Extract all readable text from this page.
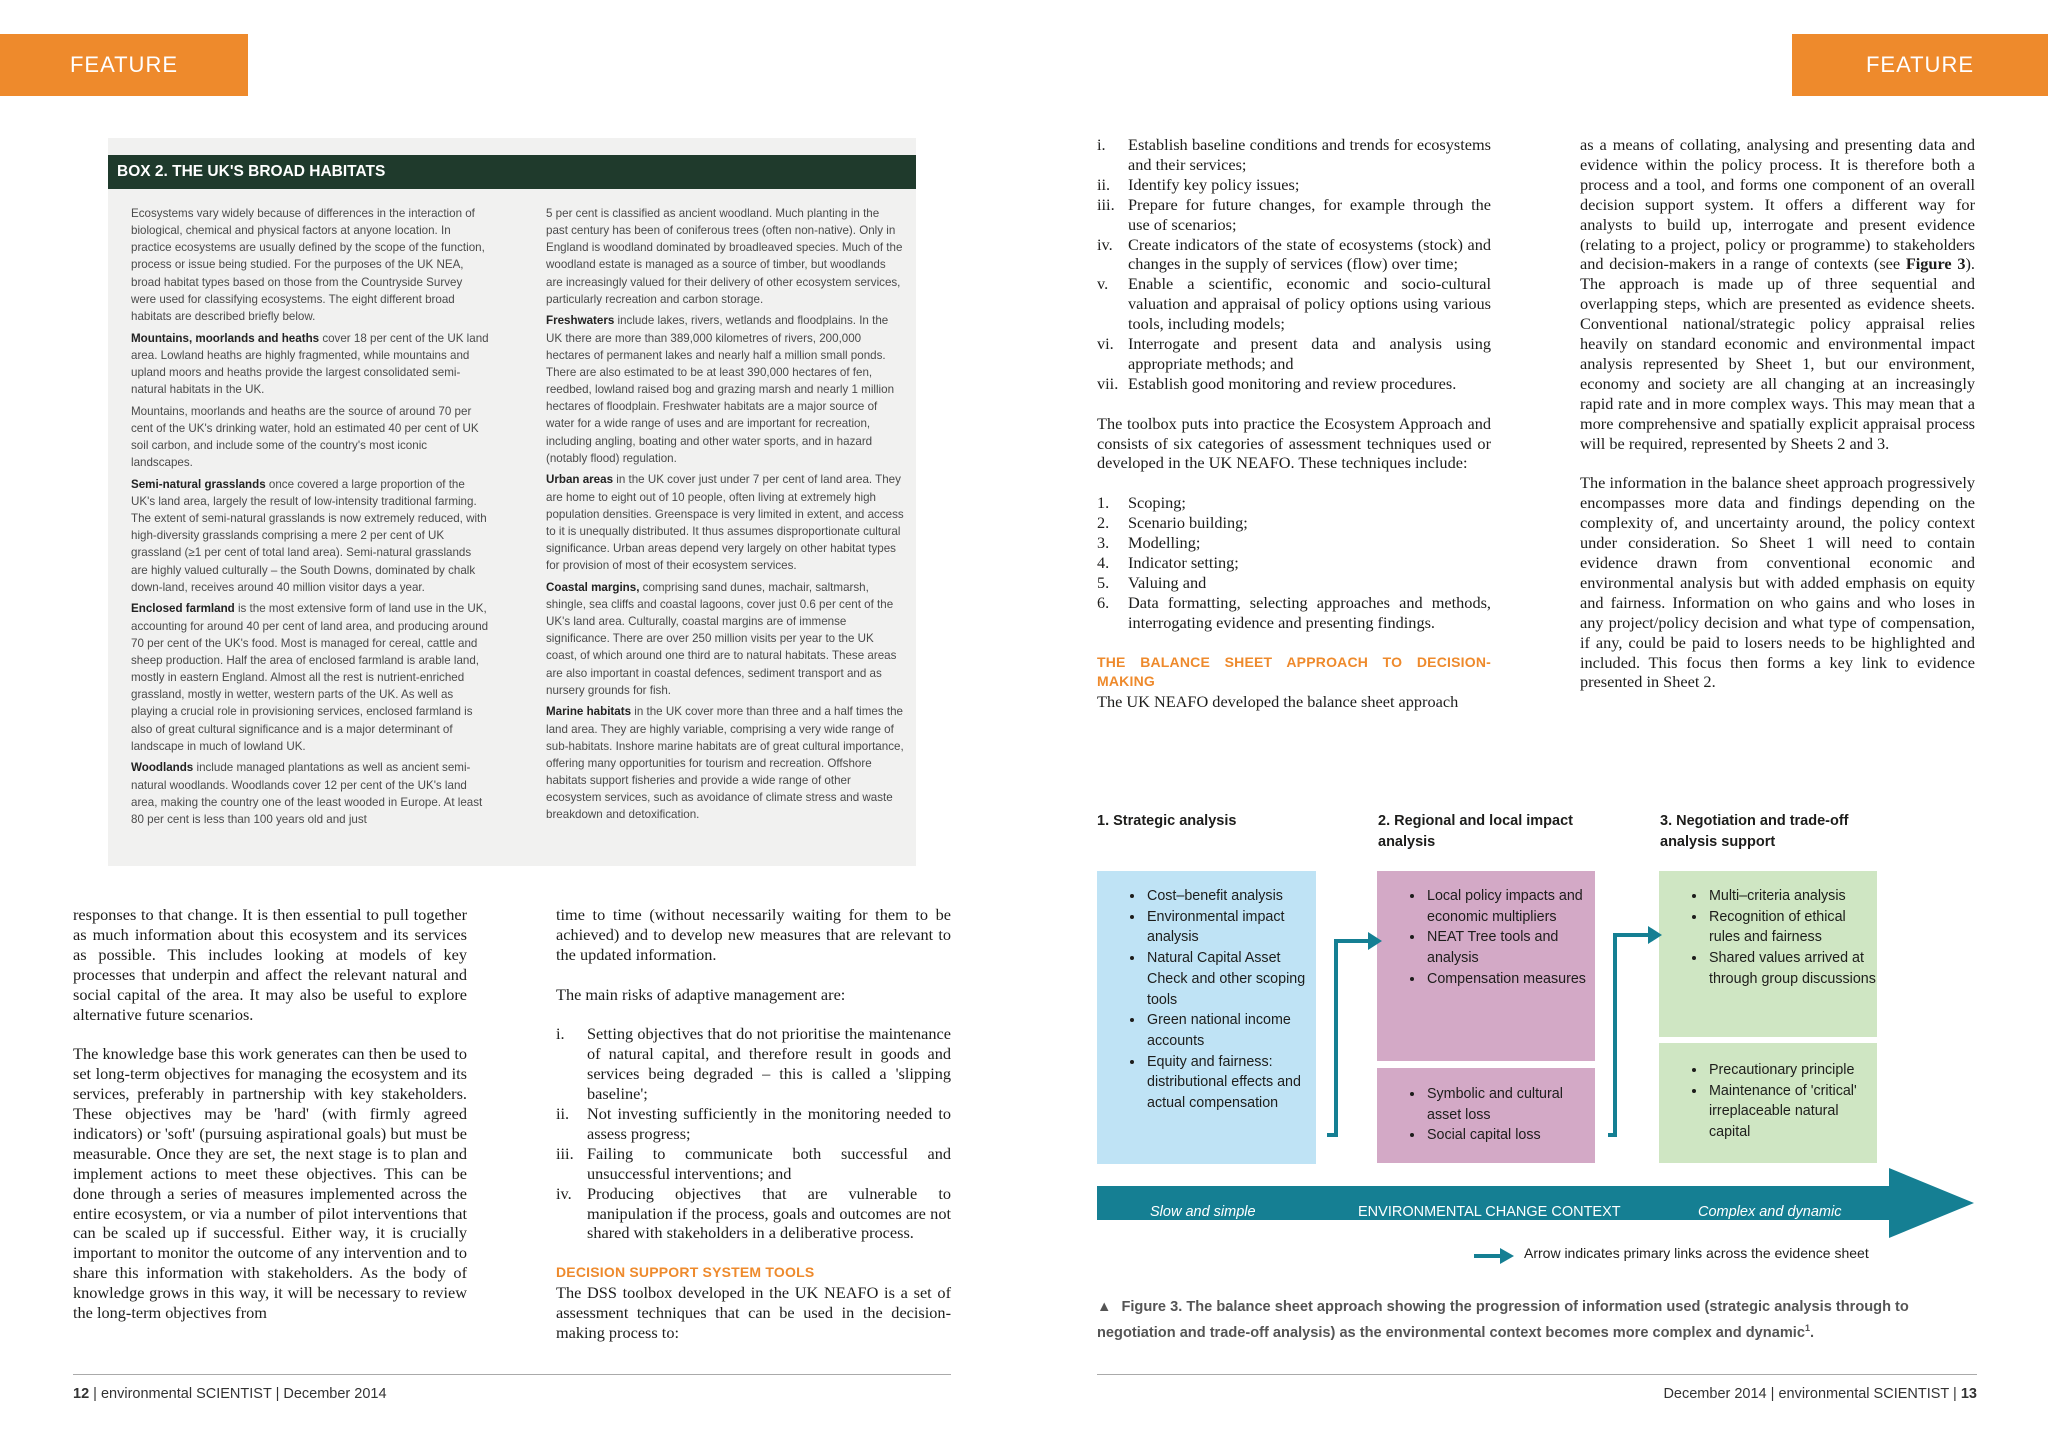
FEATURE	FEATURE
BOX 2. THE UK'S BROAD HABITATS

Ecosystems vary widely because of differences in the interaction of biological, chemical and physical factors at anyone location. In practice ecosystems are usually defined by the scope of the function, process or issue being studied. For the purposes of the UK NEA, broad habitat types based on those from the Countryside Survey were used for classifying ecosystems. The eight different broad habitats are described briefly below.

Mountains, moorlands and heaths cover 18 per cent of the UK land area. Lowland heaths are highly fragmented, while mountains and upland moors and heaths provide the largest consolidated semi-natural habitats in the UK.

Mountains, moorlands and heaths are the source of around 70 per cent of the UK's drinking water, hold an estimated 40 per cent of UK soil carbon, and include some of the country's most iconic landscapes.

Semi-natural grasslands once covered a large proportion of the UK's land area, largely the result of low-intensity traditional farming. The extent of semi-natural grasslands is now extremely reduced, with high-diversity grasslands comprising a mere 2 per cent of UK grassland (≥1 per cent of total land area). Semi-natural grasslands are highly valued culturally – the South Downs, dominated by chalk down-land, receives around 40 million visitor days a year.

Enclosed farmland is the most extensive form of land use in the UK, accounting for around 40 per cent of land area, and producing around 70 per cent of the UK's food. Most is managed for cereal, cattle and sheep production. Half the area of enclosed farmland is arable land, mostly in eastern England. Almost all the rest is nutrient-enriched grassland, mostly in wetter, western parts of the UK. As well as playing a crucial role in provisioning services, enclosed farmland is also of great cultural significance and is a major determinant of landscape in much of lowland UK.

Woodlands include managed plantations as well as ancient semi-natural woodlands. Woodlands cover 12 per cent of the UK's land area, making the country one of the least wooded in Europe. At least 80 per cent is less than 100 years old and just

5 per cent is classified as ancient woodland. Much planting in the past century has been of coniferous trees (often non-native). Only in England is woodland dominated by broadleaved species. Much of the woodland estate is managed as a source of timber, but woodlands are increasingly valued for their delivery of other ecosystem services, particularly recreation and carbon storage.

Freshwaters include lakes, rivers, wetlands and floodplains. In the UK there are more than 389,000 kilometres of rivers, 200,000 hectares of permanent lakes and nearly half a million small ponds. There are also estimated to be at least 390,000 hectares of fen, reedbed, lowland raised bog and grazing marsh and nearly 1 million hectares of floodplain. Freshwater habitats are a major source of water for a wide range of uses and are important for recreation, including angling, boating and other water sports, and in hazard (notably flood) regulation.

Urban areas in the UK cover just under 7 per cent of land area. They are home to eight out of 10 people, often living at extremely high population densities. Greenspace is very limited in extent, and access to it is unequally distributed. It thus assumes disproportionate cultural significance. Urban areas depend very largely on other habitat types for provision of most of their ecosystem services.

Coastal margins, comprising sand dunes, machair, saltmarsh, shingle, sea cliffs and coastal lagoons, cover just 0.6 per cent of the UK's land area. Culturally, coastal margins are of immense significance. There are over 250 million visits per year to the UK coast, of which around one third are to natural habitats. These areas are also important in coastal defences, sediment transport and as nursery grounds for fish.

Marine habitats in the UK cover more than three and a half times the land area. They are highly variable, comprising a very wide range of sub-habitats. Inshore marine habitats are of great cultural importance, offering many opportunities for tourism and recreation. Offshore habitats support fisheries and provide a wide range of other ecosystem services, such as avoidance of climate stress and waste breakdown and detoxification.

responses to that change. It is then essential to pull together as much information about this ecosystem and its services as possible. This includes looking at models of key processes that underpin and affect the relevant natural and social capital of the area. It may also be useful to explore alternative future scenarios.

The knowledge base this work generates can then be used to set long-term objectives for managing the ecosystem and its services, preferably in partnership with key stakeholders. These objectives may be 'hard' (with firmly agreed indicators) or 'soft' (pursuing aspirational goals) but must be measurable. Once they are set, the next stage is to plan and implement actions to meet these objectives. This can be done through a series of measures implemented across the entire ecosystem, or via a number of pilot interventions that can be scaled up if successful. Either way, it is crucially important to monitor the outcome of any intervention and to share this information with stakeholders. As the body of knowledge grows in this way, it will be necessary to review the long-term objectives from

time to time (without necessarily waiting for them to be achieved) and to develop new measures that are relevant to the updated information.

The main risks of adaptive management are:

i.	Setting objectives that do not prioritise the maintenance of natural capital, and therefore result in goods and services being degraded – this is called a 'slipping baseline';
ii.	Not investing sufficiently in the monitoring needed to assess progress;
iii. Failing to communicate both successful and unsuccessful interventions; and
iv. Producing objectives that are vulnerable to manipulation if the process, goals and outcomes are not shared with stakeholders in a deliberative process.
DECISION SUPPORT SYSTEM TOOLS

The DSS toolbox developed in the UK NEAFO is a set of assessment techniques that can be used in the decision-making process to:

i.	Establish baseline conditions and trends for ecosystems and their services;
ii.	Identify key policy issues;
iii. Prepare for future changes, for example through the use of scenarios;
iv. Create indicators of the state of ecosystems (stock) and changes in the supply of services (flow) over time;
v.	Enable a scientific, economic and socio-cultural valuation and appraisal of policy options using various tools, including models;
vi. Interrogate and present data and analysis using appropriate methods; and
vii. Establish good monitoring and review procedures.

The toolbox puts into practice the Ecosystem Approach and consists of six categories of assessment techniques used or developed in the UK NEAFO. These techniques include:

1.	Scoping;
2.	Scenario building;
3.	Modelling;
4.	Indicator setting;
5.	Valuing and
6.	Data formatting, selecting approaches and methods, interrogating evidence and presenting findings.
THE BALANCE SHEET APPROACH TO DECISION-MAKING

The UK NEAFO developed the balance sheet approach

as a means of collating, analysing and presenting data and evidence within the policy process. It is therefore both a process and a tool, and forms one component of an overall decision support system. It offers a different way for analysts to build up, interrogate and present evidence (relating to a project, policy or programme) to stakeholders and decision-makers in a range of contexts (see Figure 3). The approach is made up of three sequential and overlapping steps, which are presented as evidence sheets. Conventional national/strategic policy appraisal relies heavily on standard economic and environmental impact analysis represented by Sheet 1, but our environment, economy and society are all changing at an increasingly rapid rate and in more complex ways. This may mean that a more comprehensive and spatially explicit appraisal process will be required, represented by Sheets 2 and 3.

The information in the balance sheet approach progressively encompasses more data and findings depending on the complexity of, and uncertainty around, the policy context under consideration. So Sheet 1 will need to contain evidence drawn from conventional economic and environmental analysis but with added emphasis on equity and fairness. Information on who gains and who loses in any project/policy decision and what type of compensation, if any, could be paid to losers needs to be highlighted and included. This focus then forms a key link to evidence presented in Sheet 2.

1. Strategic analysis	2. Regional and local impact analysis
3. Negotiation and trade-off analysis support
• Cost–benefit analysis
• Environmental impact analysis
• Natural Capital Asset Check and other scoping tools
• Green national income accounts
• Equity and fairness: distributional effects and actual compensation
• Local policy impacts and economic multipliers
• NEAT Tree tools and analysis
• Compensation measures
• Symbolic and cultural asset loss
• Social capital loss
• Multi–criteria analysis
• Recognition of ethical rules and fairness
• Shared values arrived at through group discussions
• Precautionary principle
• Maintenance of 'critical' irreplaceable natural capital
Slow and simple	ENVIRONMENTAL CHANGE CONTEXT	Complex and dynamic
Arrow indicates primary links across the evidence sheet
▲ Figure 3. The balance sheet approach showing the progression of information used (strategic analysis through to negotiation and trade-off analysis) as the environmental context becomes more complex and dynamic$^1$.
12 | environmental SCIENTIST | December 2014	December 2014 | environmental SCIENTIST | 13
